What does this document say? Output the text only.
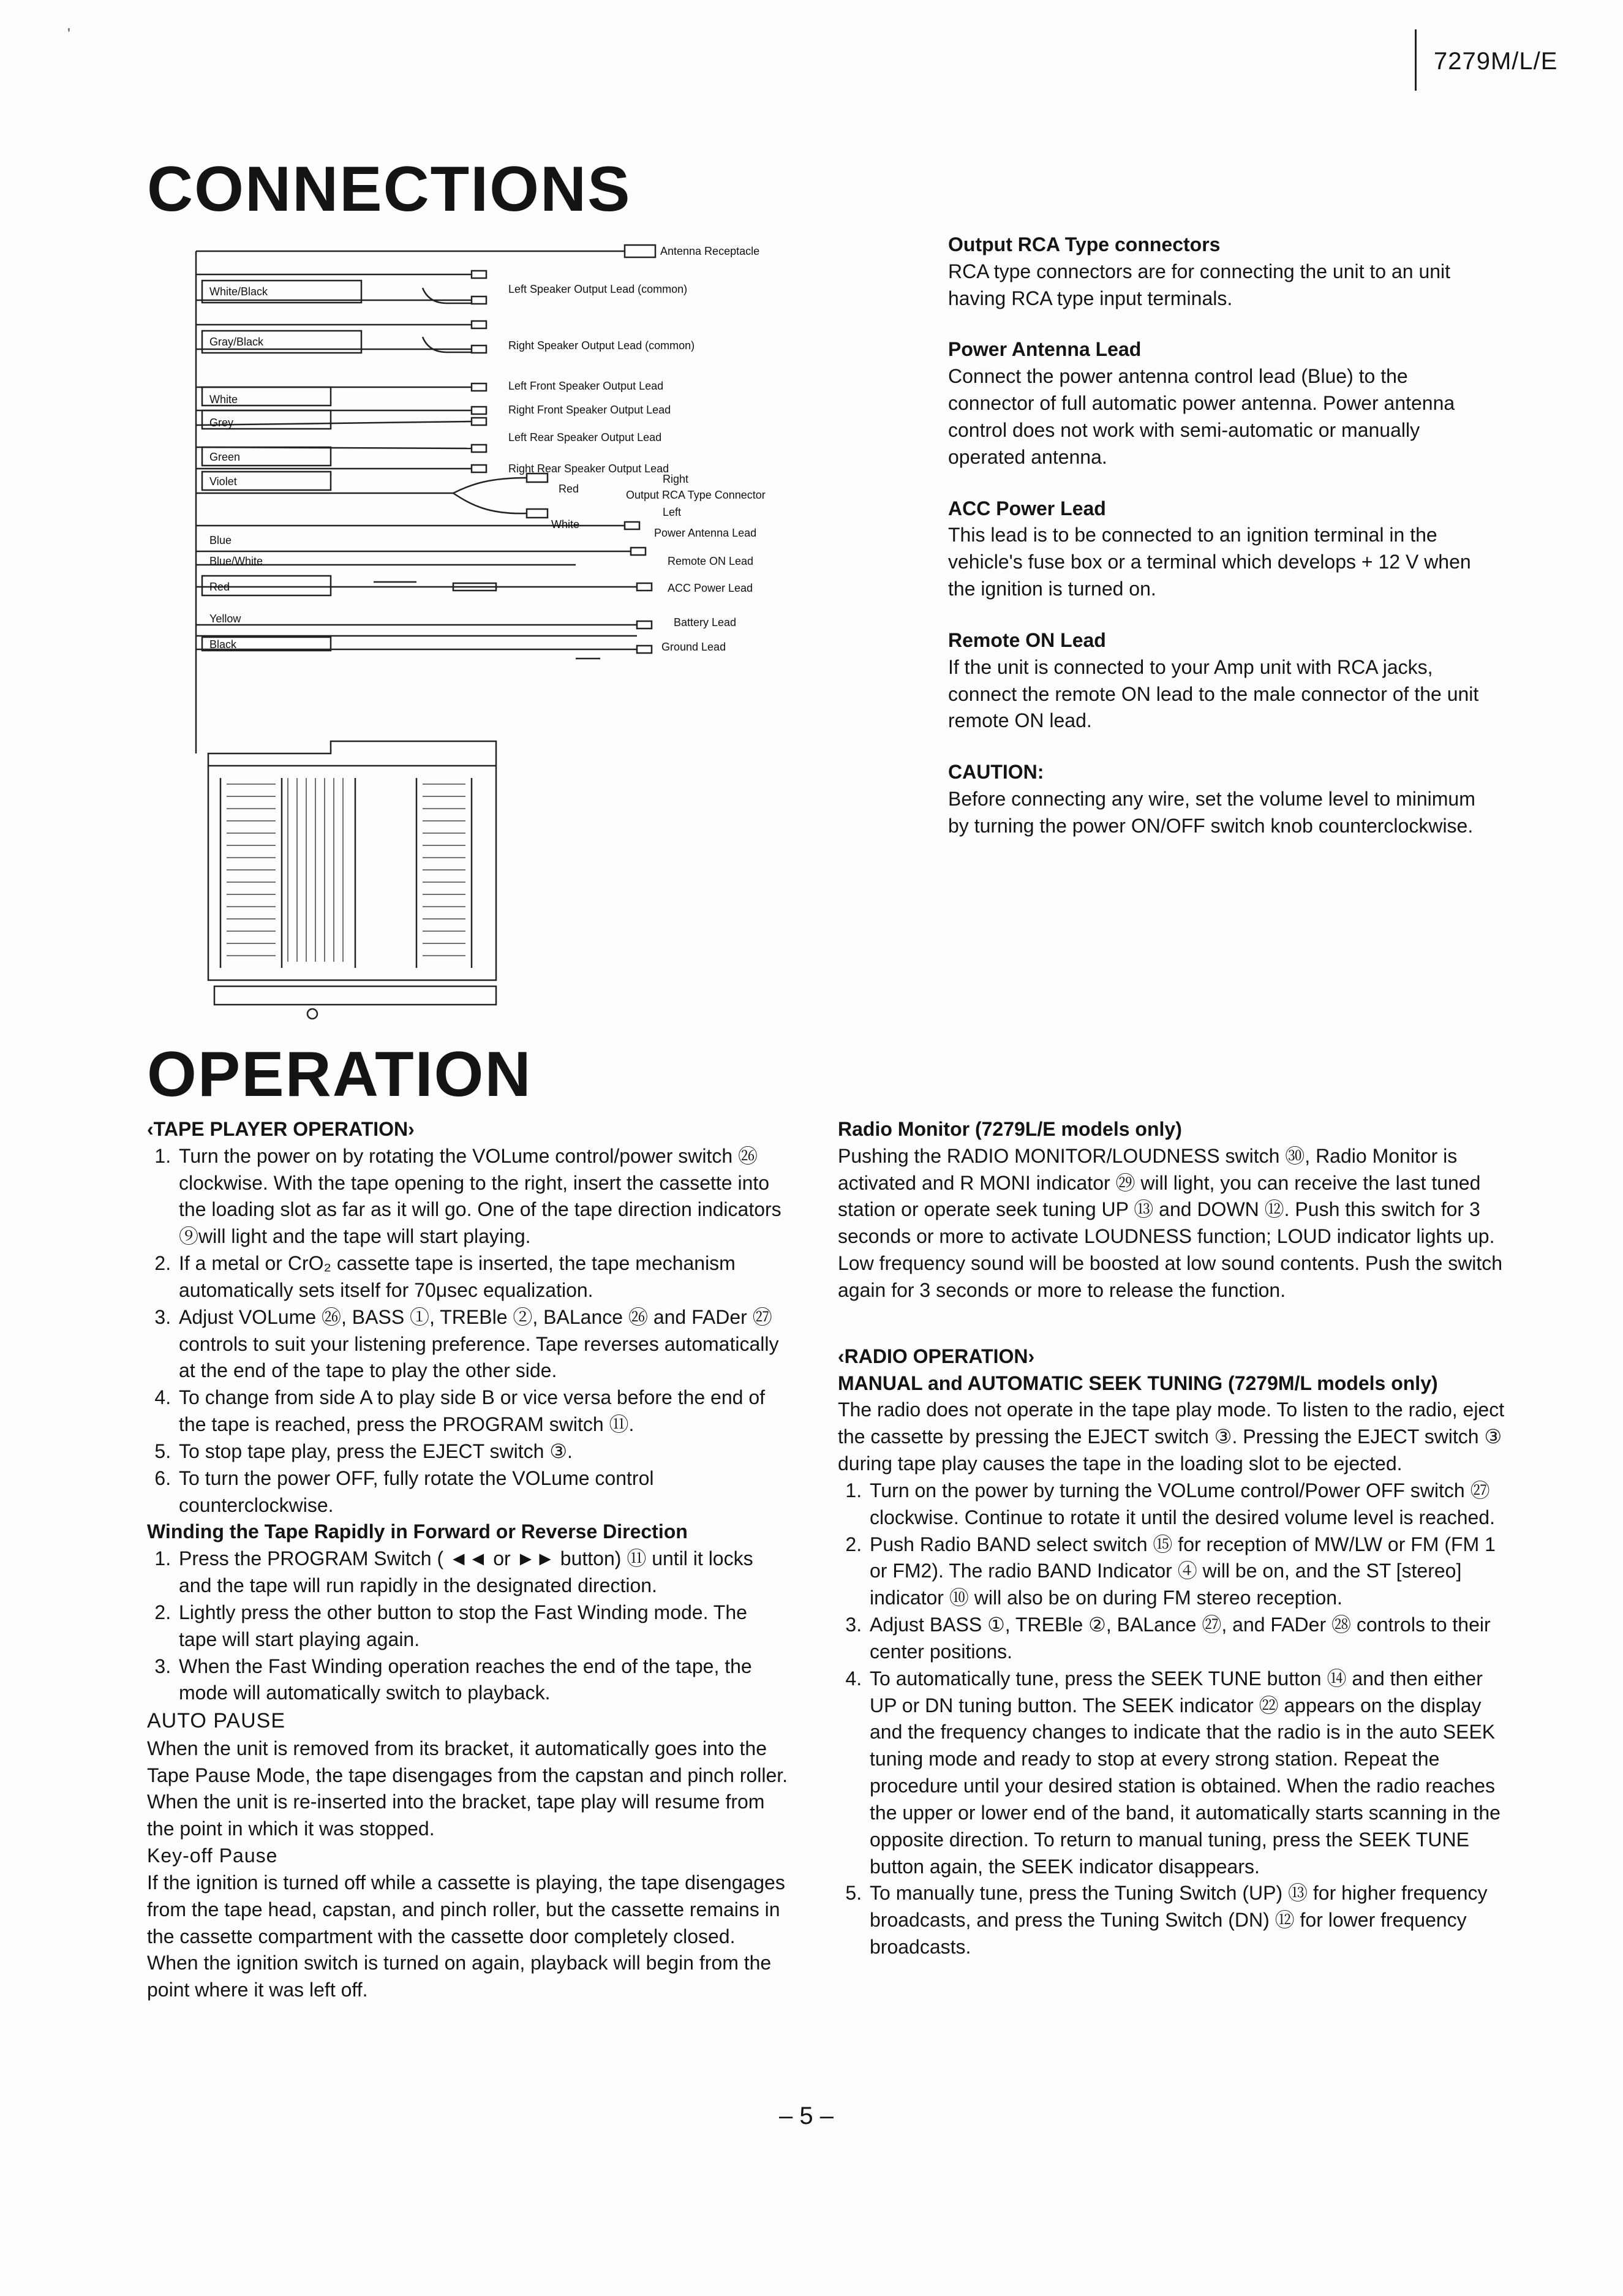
7279M/L/E
'
CONNECTIONS
Antenna Receptacle
White/Black	Left Speaker Output Lead (common)
Gray/Black	Right Speaker Output Lead (common)
Left Front Speaker Output Lead
White
Right Front Speaker Output Lead
Grey
Left Rear Speaker Output Lead
Green
Right Rear Speaker Output Lead
Violet	Right
Red	Output RCA Type Connector
Left
White
Blue
Power Antenna Lead
Blue/White	Remote ON Lead
Red	ACC Power Lead
Yellow	Battery Lead
Black	Ground Lead

Output RCA Type connectors

RCA type connectors are for connecting the unit to an unit having RCA type input terminals.

Power Antenna Lead

Connect the power antenna control lead (Blue) to the connector of full automatic power antenna. Power antenna control does not work with semi-automatic or manually operated antenna.

ACC Power Lead

This lead is to be connected to an ignition terminal in the vehicle's fuse box or a terminal which develops + 12 V when the ignition is turned on.

Remote ON Lead

If the unit is connected to your Amp unit with RCA jacks, connect the remote ON lead to the male connector of the unit remote ON lead.

CAUTION:

Before connecting any wire, set the volume level to minimum by turning the power ON/OFF switch knob counterclockwise.

OPERATION

‹TAPE PLAYER OPERATION›

1. Turn the power on by rotating the VOLume control/power switch ㉖ clockwise. With the tape opening to the right, insert the cassette into the loading slot as far as it will go. One of the tape direction indicators ⑨will light and the tape will start playing.
2. If a metal or CrO₂ cassette tape is inserted, the tape mechanism automatically sets itself for 70μsec equalization.
3. Adjust VOLume ㉖, BASS ①, TREBle ②, BALance ㉖ and FADer ㉗ controls to suit your listening preference. Tape reverses automatically at the end of the tape to play the other side.
4. To change from side A to play side B or vice versa before the end of the tape is reached, press the PROGRAM switch ⑪.
5. To stop tape play, press the EJECT switch ③.
6. To turn the power OFF, fully rotate the VOLume control counterclockwise.

Winding the Tape Rapidly in Forward or Reverse Direction

1. Press the PROGRAM Switch ( ◄◄ or ►► button) ⑪ until it locks and the tape will run rapidly in the designated direction.
2. Lightly press the other button to stop the Fast Winding mode. The tape will start playing again.
3. When the Fast Winding operation reaches the end of the tape, the mode will automatically switch to playback.

AUTO PAUSE

When the unit is removed from its bracket, it automatically goes into the Tape Pause Mode, the tape disengages from the capstan and pinch roller. When the unit is re-inserted into the bracket, tape play will resume from the point in which it was stopped.

Key-off Pause

If the ignition is turned off while a cassette is playing, the tape disengages from the tape head, capstan, and pinch roller, but the cassette remains in the cassette compartment with the cassette door completely closed. When the ignition switch is turned on again, playback will begin from the point where it was left off.

Radio Monitor (7279L/E models only)

Pushing the RADIO MONITOR/LOUDNESS switch ㉚, Radio Monitor is activated and R MONI indicator ㉙ will light, you can receive the last tuned station or operate seek tuning UP ⑬ and DOWN ⑫. Push this switch for 3 seconds or more to activate LOUDNESS function; LOUD indicator lights up. Low frequency sound will be boosted at low sound contents. Push the switch again for 3 seconds or more to release the function.

‹RADIO OPERATION›

MANUAL and AUTOMATIC SEEK TUNING (7279M/L models only)

The radio does not operate in the tape play mode. To listen to the radio, eject the cassette by pressing the EJECT switch ③. Pressing the EJECT switch ③ during tape play causes the tape in the loading slot to be ejected.

1. Turn on the power by turning the VOLume control/Power OFF switch ㉗ clockwise. Continue to rotate it until the desired volume level is reached.
2. Push Radio BAND select switch ⑮ for reception of MW/LW or FM (FM 1 or FM2). The radio BAND Indicator ④ will be on, and the ST [stereo] indicator ⑩ will also be on during FM stereo reception.
3. Adjust BASS ①, TREBle ②, BALance ㉗, and FADer ㉘ controls to their center positions.
4. To automatically tune, press the SEEK TUNE button ⑭ and then either UP or DN tuning button. The SEEK indicator ㉒ appears on the display and the frequency changes to indicate that the radio is in the auto SEEK tuning mode and ready to stop at every strong station. Repeat the procedure until your desired station is obtained. When the radio reaches the upper or lower end of the band, it automatically starts scanning in the opposite direction. To return to manual tuning, press the SEEK TUNE button again, the SEEK indicator disappears.
5. To manually tune, press the Tuning Switch (UP) ⑬ for higher frequency broadcasts, and press the Tuning Switch (DN) ⑫ for lower frequency broadcasts.
– 5 –
